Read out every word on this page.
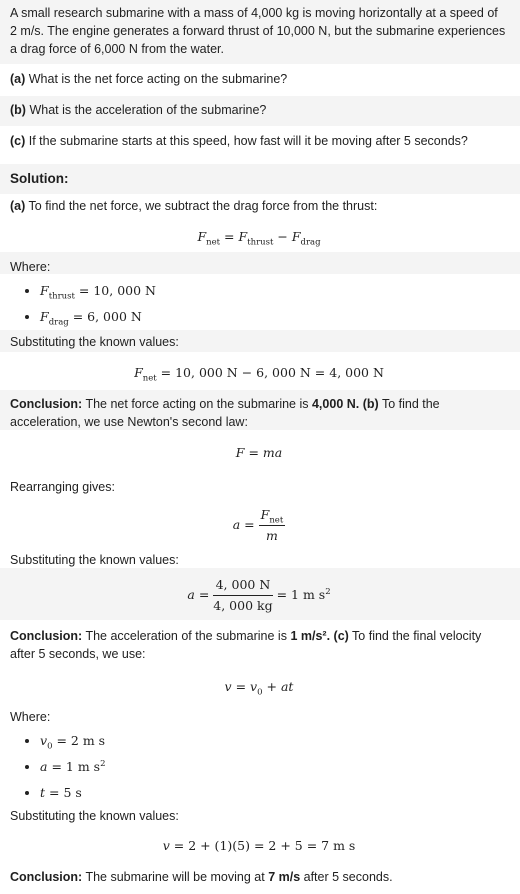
A small research submarine with a mass of 4,000 kg is moving horizontally at a speed of 2 m/s. The engine generates a forward thrust of 10,000 N, but the submarine experiences a drag force of 6,000 N from the water.
(a) What is the net force acting on the submarine?
(b) What is the acceleration of the submarine?
(c) If the submarine starts at this speed, how fast will it be moving after 5 seconds?
Solution:
(a) To find the net force, we subtract the drag force from the thrust:
$F_{net} = F_{thrust} - F_{drag}$
Where:
$F_{thrust} = 10$, 000 N
$F_{drag} = 6$, 000 N
Substituting the known values:
$F_{net} = 10$, 000 N − 6, 000 N = 4, 000 N
Conclusion: The net force acting on the submarine is 4,000 N. (b) To find the acceleration, we use Newton's second law:
F = ma
Rearranging gives:
$a = \frac{F_{net}}{m}$
Substituting the known values:
$a = \frac{4, 000 N}{4, 000 kg} = 1$ m $s^2$
Conclusion: The acceleration of the submarine is 1 m/s². (c) To find the final velocity after 5 seconds, we use:
$v = v_0$ + at
Where:
$v_0 = 2$ m s
a = 1 m $s^2$
t = 5 s
Substituting the known values:
v = 2 + (1)(5) = 2 + 5 = 7 m s
Conclusion: The submarine will be moving at 7 m/s after 5 seconds.
